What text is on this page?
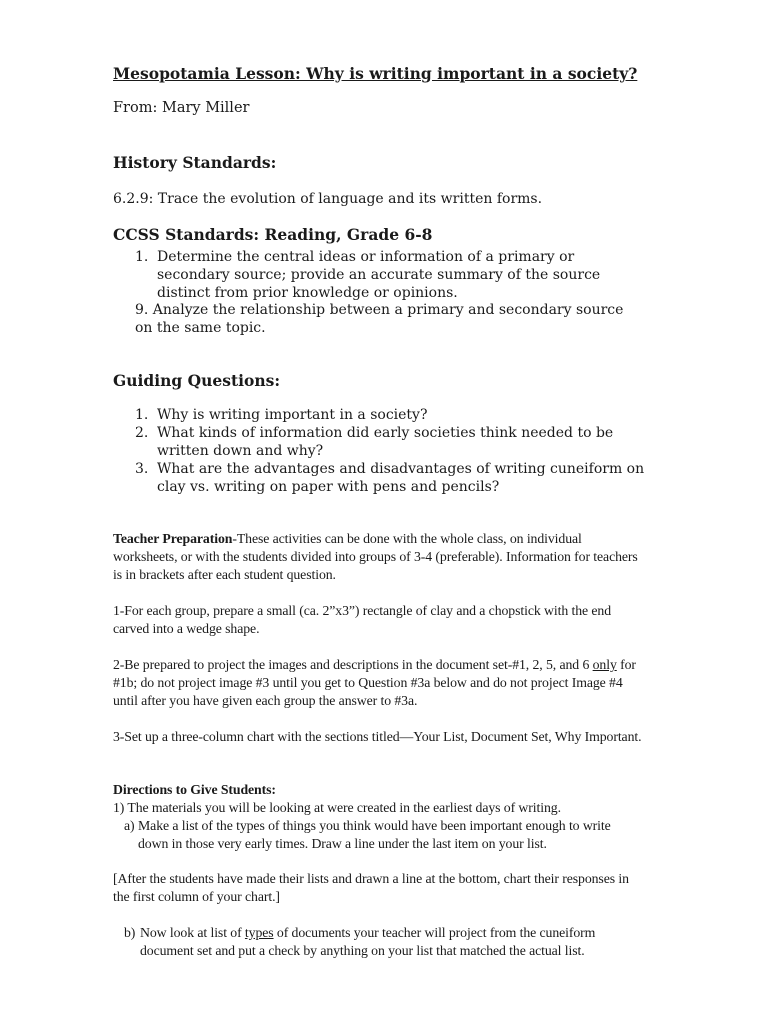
Mesopotamia Lesson: Why is writing important in a society?
From: Mary Miller
History Standards:
6.2.9: Trace the evolution of language and its written forms.
CCSS Standards: Reading, Grade 6-8
1. Determine the central ideas or information of a primary or secondary source; provide an accurate summary of the source distinct from prior knowledge or opinions.
9. Analyze the relationship between a primary and secondary source on the same topic.
Guiding Questions:
1. Why is writing important in a society?
2. What kinds of information did early societies think needed to be written down and why?
3. What are the advantages and disadvantages of writing cuneiform on clay vs. writing on paper with pens and pencils?
Teacher Preparation-These activities can be done with the whole class, on individual worksheets, or with the students divided into groups of 3-4 (preferable). Information for teachers is in brackets after each student question.
1-For each group, prepare a small (ca. 2”x3”) rectangle of clay and a chopstick with the end carved into a wedge shape.
2-Be prepared to project the images and descriptions in the document set-#1, 2, 5, and 6 only for #1b; do not project image #3 until you get to Question #3a below and do not project Image #4 until after you have given each group the answer to #3a.
3-Set up a three-column chart with the sections titled—Your List, Document Set, Why Important.
Directions to Give Students:
1) The materials you will be looking at were created in the earliest days of writing.
a) Make a list of the types of things you think would have been important enough to write down in those very early times. Draw a line under the last item on your list.
[After the students have made their lists and drawn a line at the bottom, chart their responses in the first column of your chart.]
b) Now look at list of types of documents your teacher will project from the cuneiform document set and put a check by anything on your list that matched the actual list.
